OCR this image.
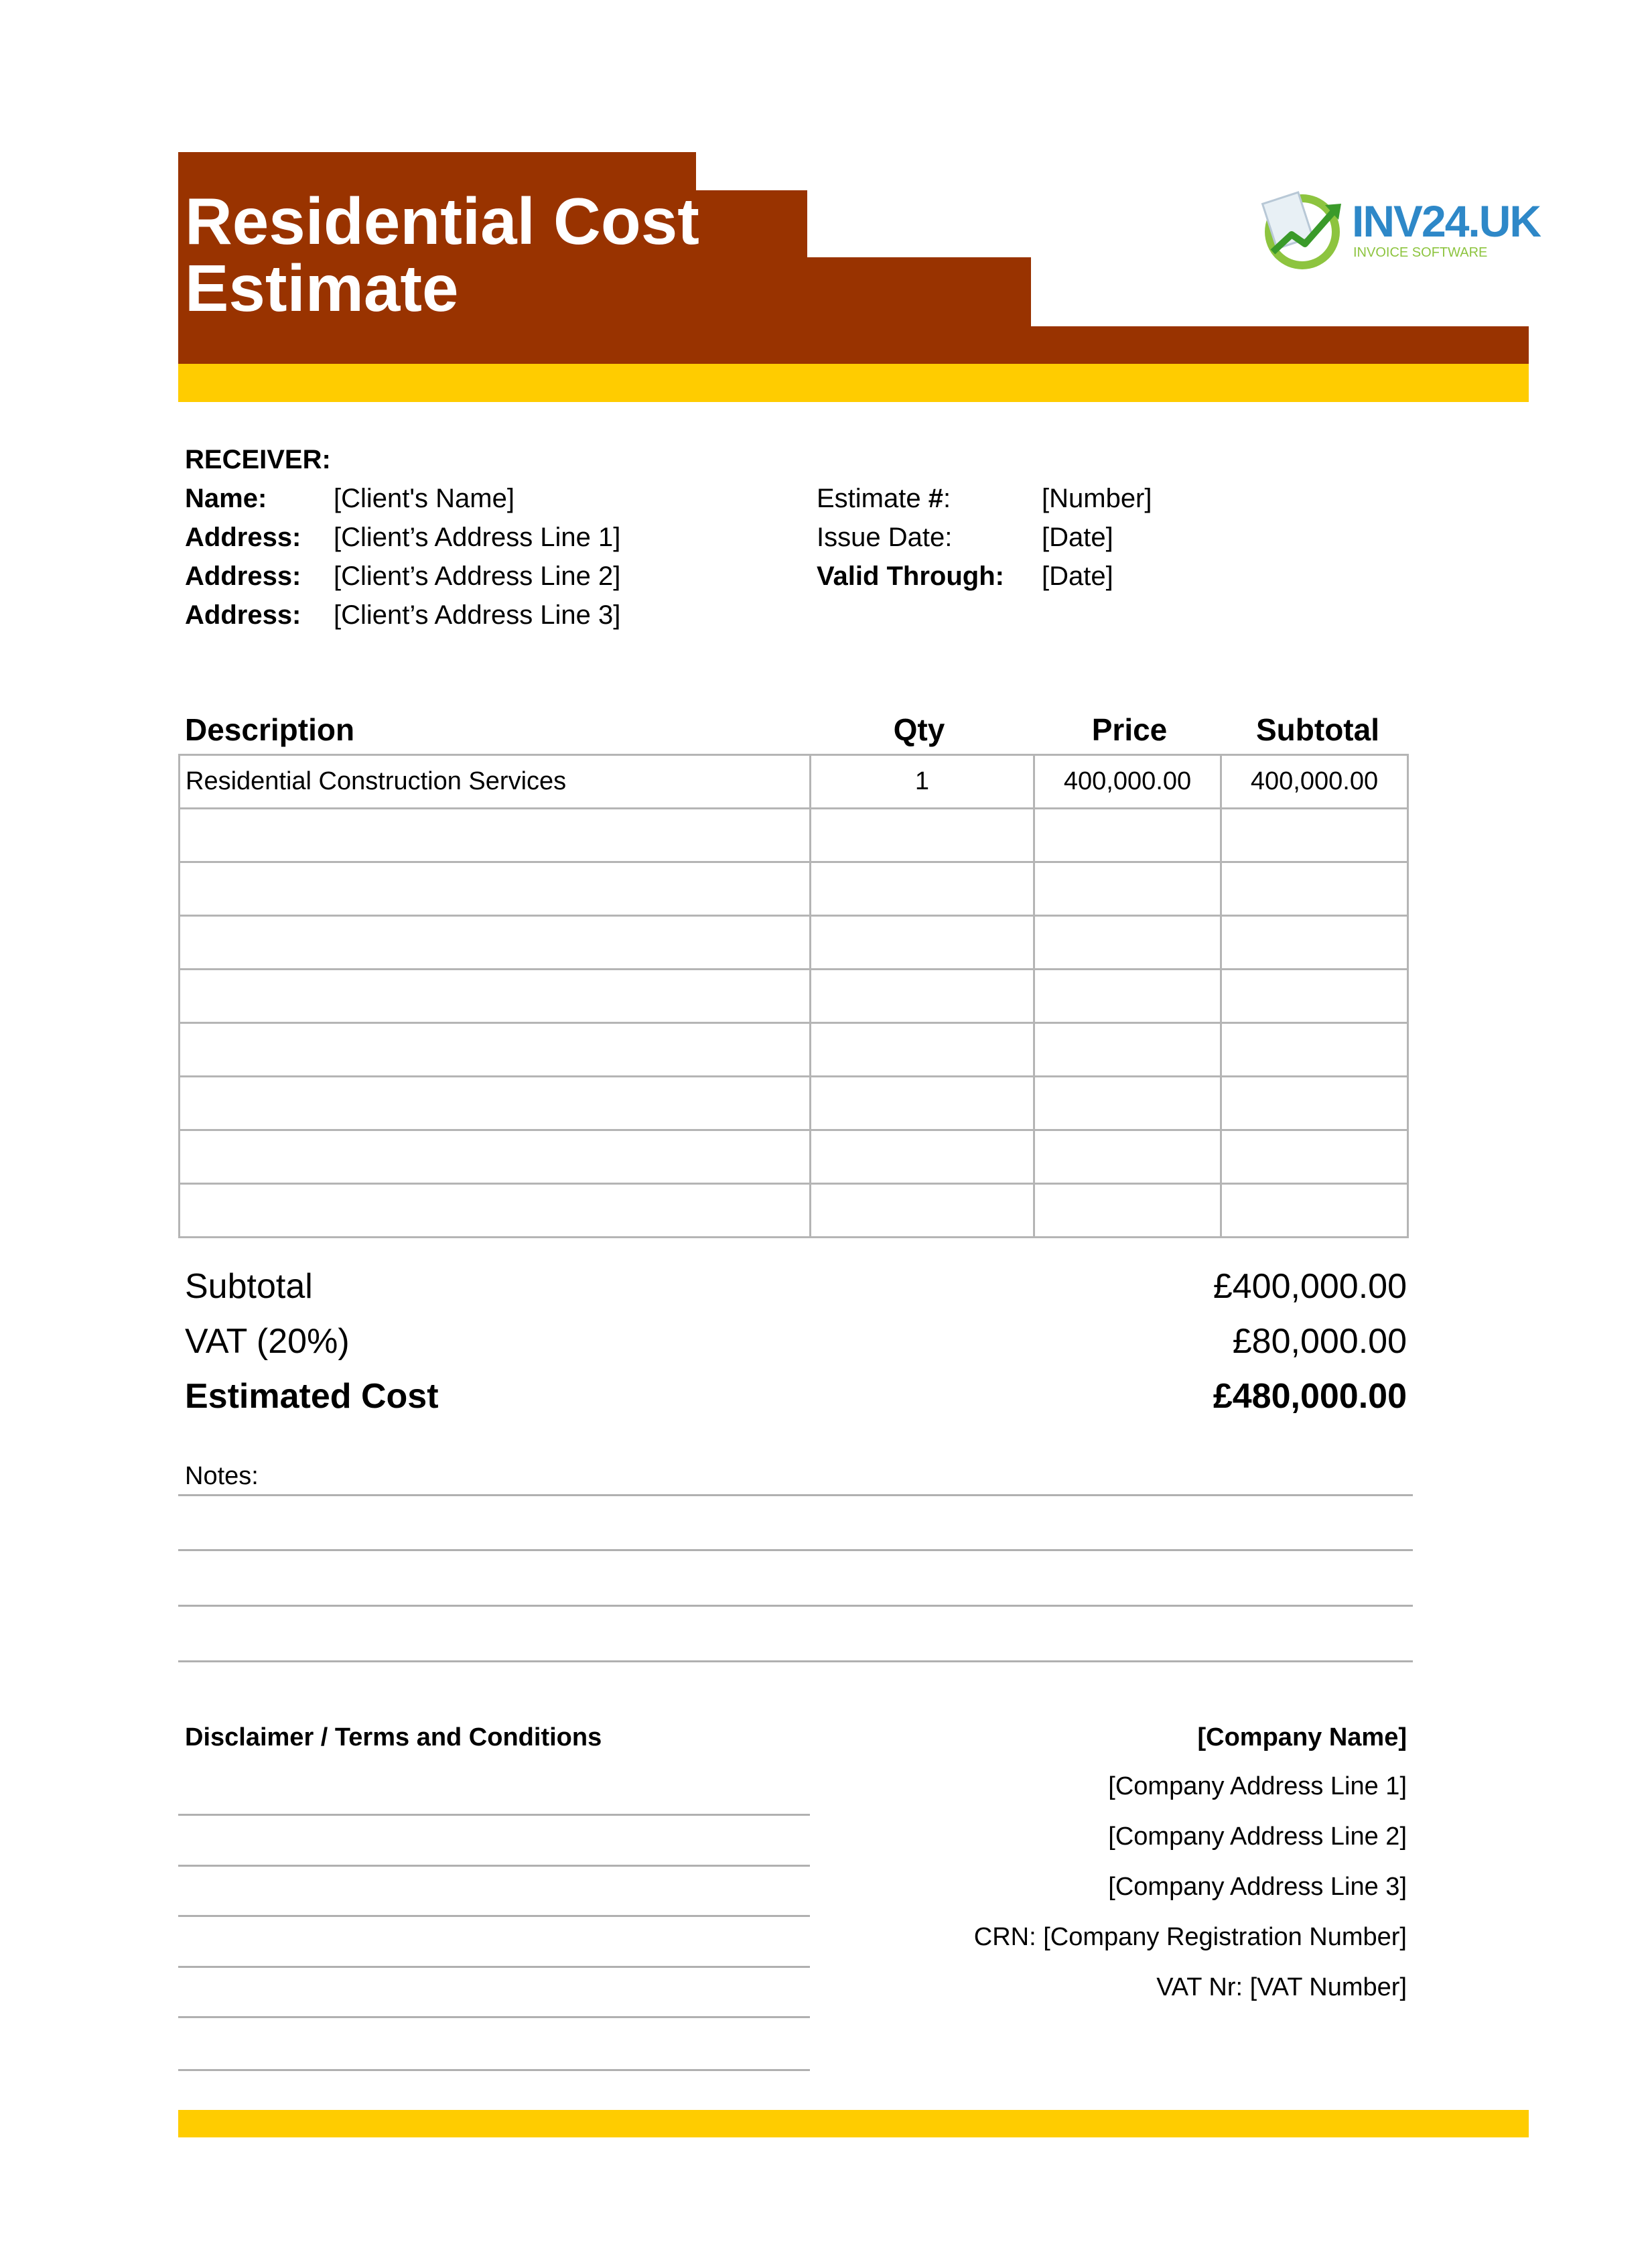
Residential Cost
Estimate
INV24.UK
INVOICE SOFTWARE
RECEIVER:
Name: [Client's Name]
Address: [Client’s Address Line 1]
Address: [Client’s Address Line 2]
Address: [Client’s Address Line 3]
Estimate #:	[Number]
Issue Date:	[Date]
Valid Through: [Date]
Description	Qty	Price	Subtotal
Residential Construction Services	1	400,000.00	400,000.00

Subtotal	£400,000.00
VAT (20%)	£80,000.00
Estimated Cost	£480,000.00
Notes:
Disclaimer / Terms and Conditions	[Company Name]
[Company Address Line 1]
[Company Address Line 2]
[Company Address Line 3]
CRN: [Company Registration Number]
VAT Nr: [VAT Number]
